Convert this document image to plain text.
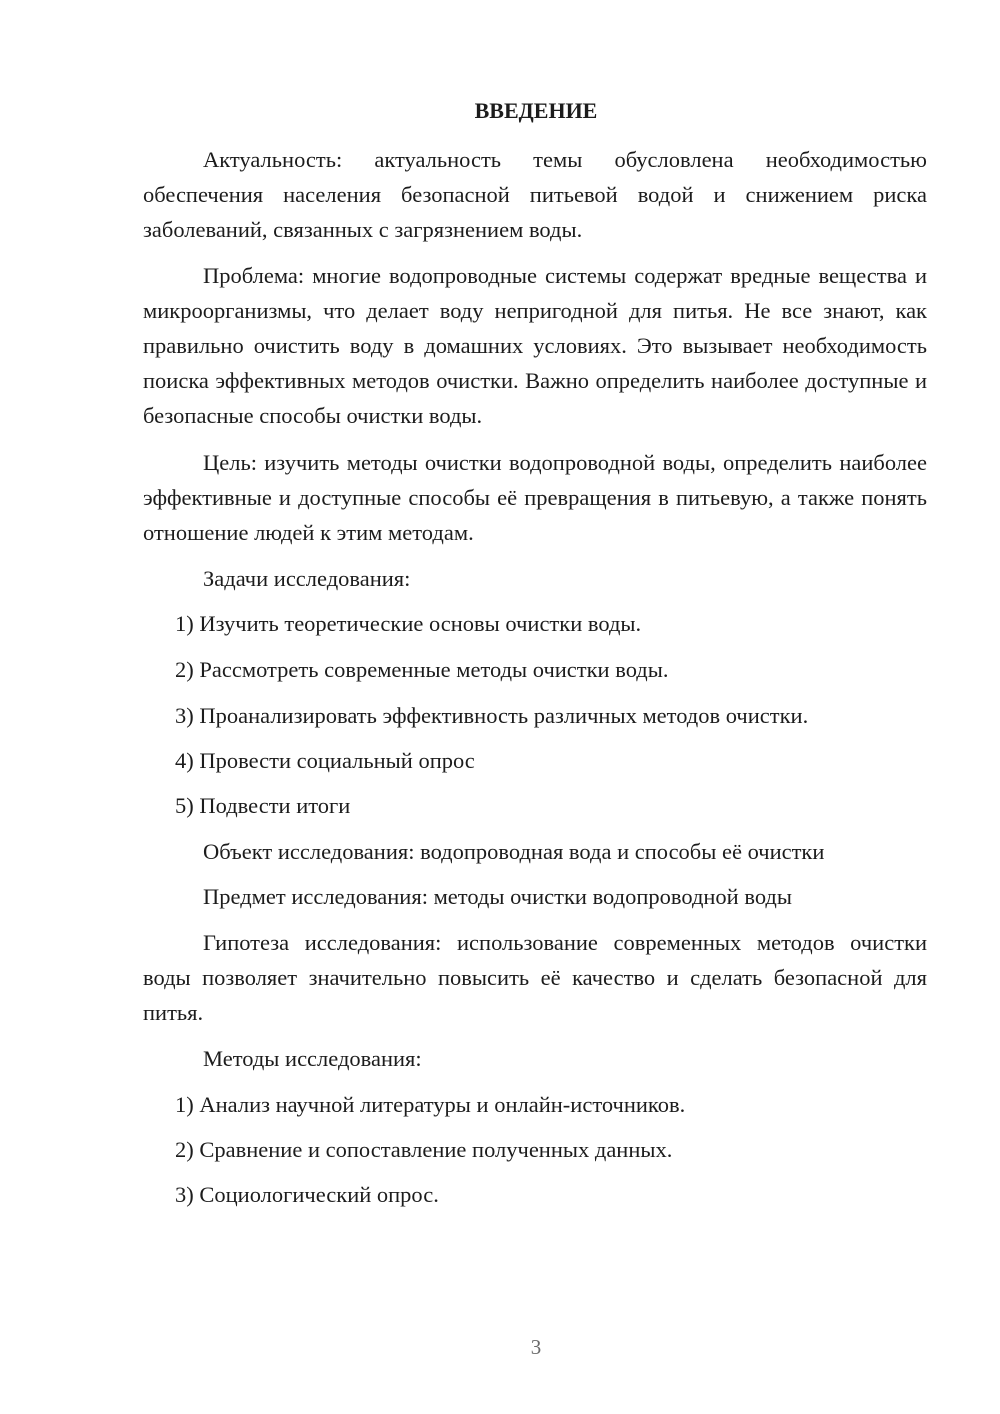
ВВЕДЕНИЕ

Актуальность: актуальность темы обусловлена необходимостью обеспечения населения безопасной питьевой водой и снижением риска заболеваний, связанных с загрязнением воды.

Проблема: многие водопроводные системы содержат вредные вещества и микроорганизмы, что делает воду непригодной для питья. Не все знают, как правильно очистить воду в домашних условиях. Это вызывает необходимость поиска эффективных методов очистки. Важно определить наиболее доступные и безопасные способы очистки воды.

Цель: изучить методы очистки водопроводной воды, определить наиболее эффективные и доступные способы её превращения в питьевую, а также понять отношение людей к этим методам.

Задачи исследования:
1) Изучить теоретические основы очистки воды.
2) Рассмотреть современные методы очистки воды.
3) Проанализировать эффективность различных методов очистки.
4) Провести социальный опрос
5) Подвести итоги
Объект исследования: водопроводная вода и способы её очистки
Предмет исследования: методы очистки водопроводной воды

Гипотеза исследования: использование современных методов очистки воды позволяет значительно повысить её качество и сделать безопасной для питья.

Методы исследования:
1) Анализ научной литературы и онлайн-источников.
2) Сравнение и сопоставление полученных данных.
3) Социологический опрос.
3
